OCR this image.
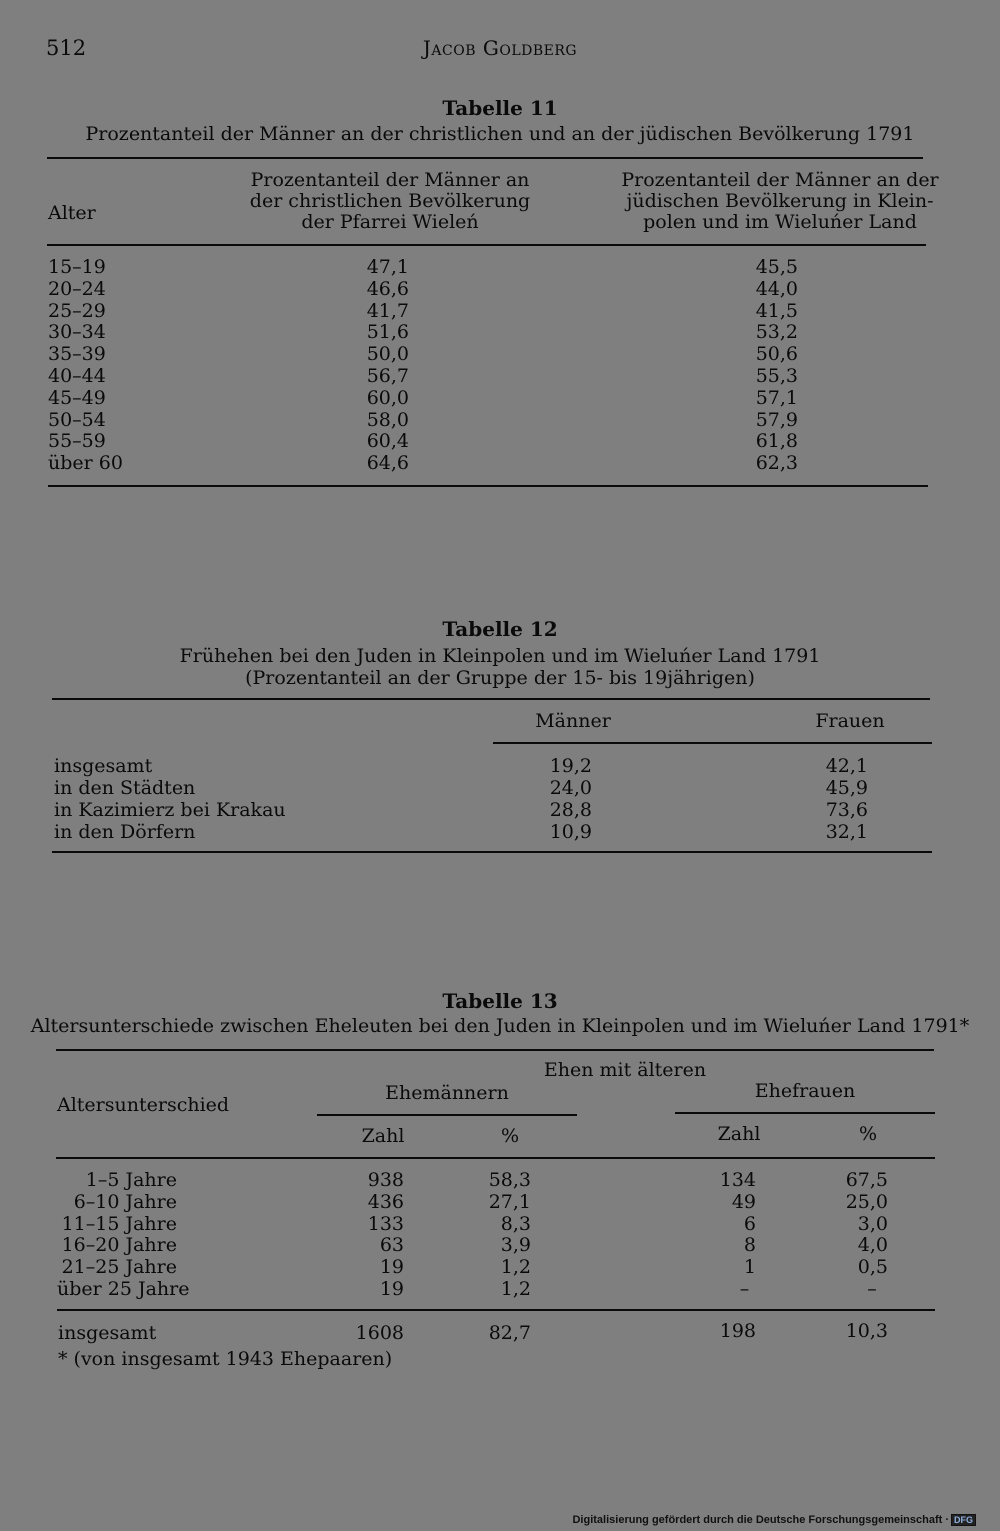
512	Jacob Goldberg
Tabelle 11
Prozentanteil der Männer an der christlichen und an der jüdischen Bevölkerung 1791
Alter
Prozentanteil der Männer an
der christlichen Bevölkerung
der Pfarrei Wieleń
Prozentanteil der Männer an der
jüdischen Bevölkerung in Klein-
polen und im Wieluńer Land
15–19	47,1	45,5
20–24	46,6	44,0
25–29	41,7	41,5
30–34	51,6	53,2
35–39	50,0	50,6
40–44	56,7	55,3
45–49	60,0	57,1
50–54	58,0	57,9
55–59	60,4	61,8
über 60	64,6	62,3
Tabelle 12
Frühehen bei den Juden in Kleinpolen und im Wieluńer Land 1791
(Prozentanteil an der Gruppe der 15- bis 19jährigen)
Männer	Frauen
insgesamt	19,2	42,1
in den Städten	24,0	45,9
in Kazimierz bei Krakau	28,8	73,6
in den Dörfern	10,9	32,1
Tabelle 13
Altersunterschiede zwischen Eheleuten bei den Juden in Kleinpolen und im Wieluńer Land 1791*
Altersunterschied
Ehen mit älteren
Ehemännern	Ehefrauen
Zahl	%	Zahl	%
1–5 Jahre	938	58,3	134	67,5
6–10 Jahre	436	27,1	49	25,0
11–15 Jahre	133	8,3	6	3,0
16–20 Jahre	63	3,9	8	4,0
21–25 Jahre	19	1,2	1	0,5
über 25 Jahre	19	1,2	–	–
insgesamt	1608	82,7	198	10,3
* (von insgesamt 1943 Ehepaaren)
Digitalisierung gefördert durch die Deutsche Forschungsgemeinschaft · DFG
